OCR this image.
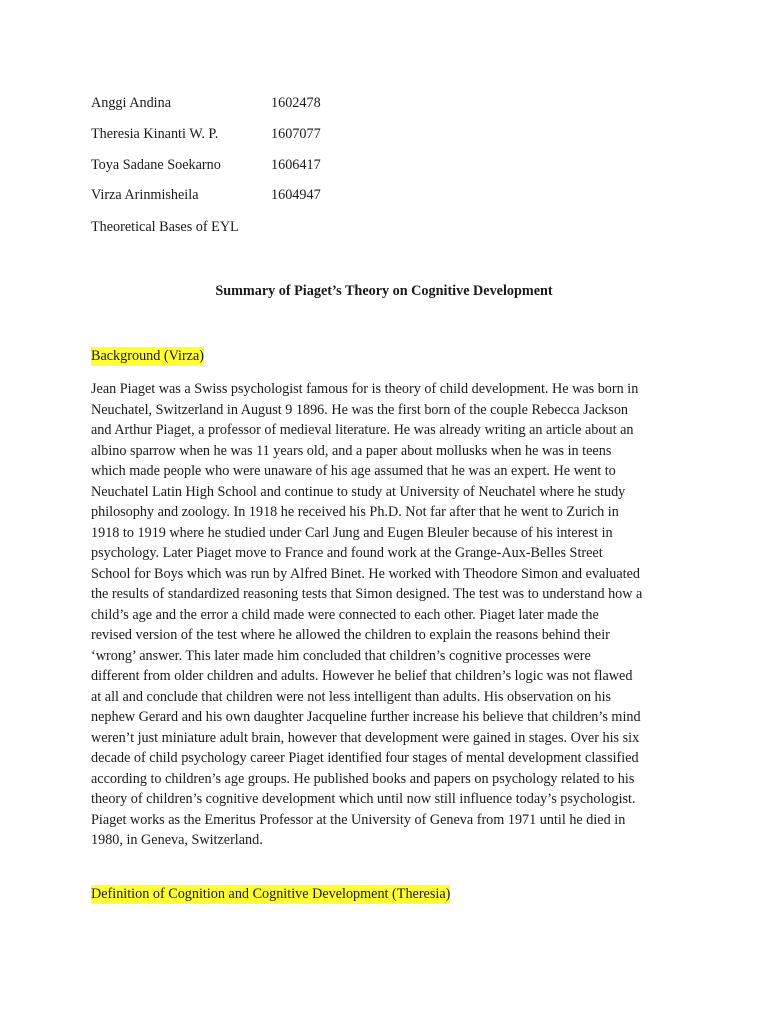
Anggi Andina	1602478
Theresia Kinanti W. P.	1607077
Toya Sadane Soekarno	1606417
Virza Arinmisheila	1604947
Theoretical Bases of EYL
Summary of Piaget’s Theory on Cognitive Development
Background (Virza)
Jean Piaget was a Swiss psychologist famous for is theory of child development. He was born in
Neuchatel, Switzerland in August 9 1896. He was the first born of the couple Rebecca Jackson
and Arthur Piaget, a professor of medieval literature. He was already writing an article about an
albino sparrow when he was 11 years old, and a paper about mollusks when he was in teens
which made people who were unaware of his age assumed that he was an expert. He went to
Neuchatel Latin High School and continue to study at University of Neuchatel where he study
philosophy and zoology. In 1918 he received his Ph.D. Not far after that he went to Zurich in
1918 to 1919 where he studied under Carl Jung and Eugen Bleuler because of his interest in
psychology. Later Piaget move to France and found work at the Grange-Aux-Belles Street
School for Boys which was run by Alfred Binet. He worked with Theodore Simon and evaluated
the results of standardized reasoning tests that Simon designed. The test was to understand how a
child’s age and the error a child made were connected to each other. Piaget later made the
revised version of the test where he allowed the children to explain the reasons behind their
‘wrong’ answer. This later made him concluded that children’s cognitive processes were
different from older children and adults. However he belief that children’s logic was not flawed
at all and conclude that children were not less intelligent than adults. His observation on his
nephew Gerard and his own daughter Jacqueline further increase his believe that children’s mind
weren’t just miniature adult brain, however that development were gained in stages. Over his six
decade of child psychology career Piaget identified four stages of mental development classified
according to children’s age groups. He published books and papers on psychology related to his
theory of children’s cognitive development which until now still influence today’s psychologist.
Piaget works as the Emeritus Professor at the University of Geneva from 1971 until he died in
1980, in Geneva, Switzerland.
Definition of Cognition and Cognitive Development (Theresia)
